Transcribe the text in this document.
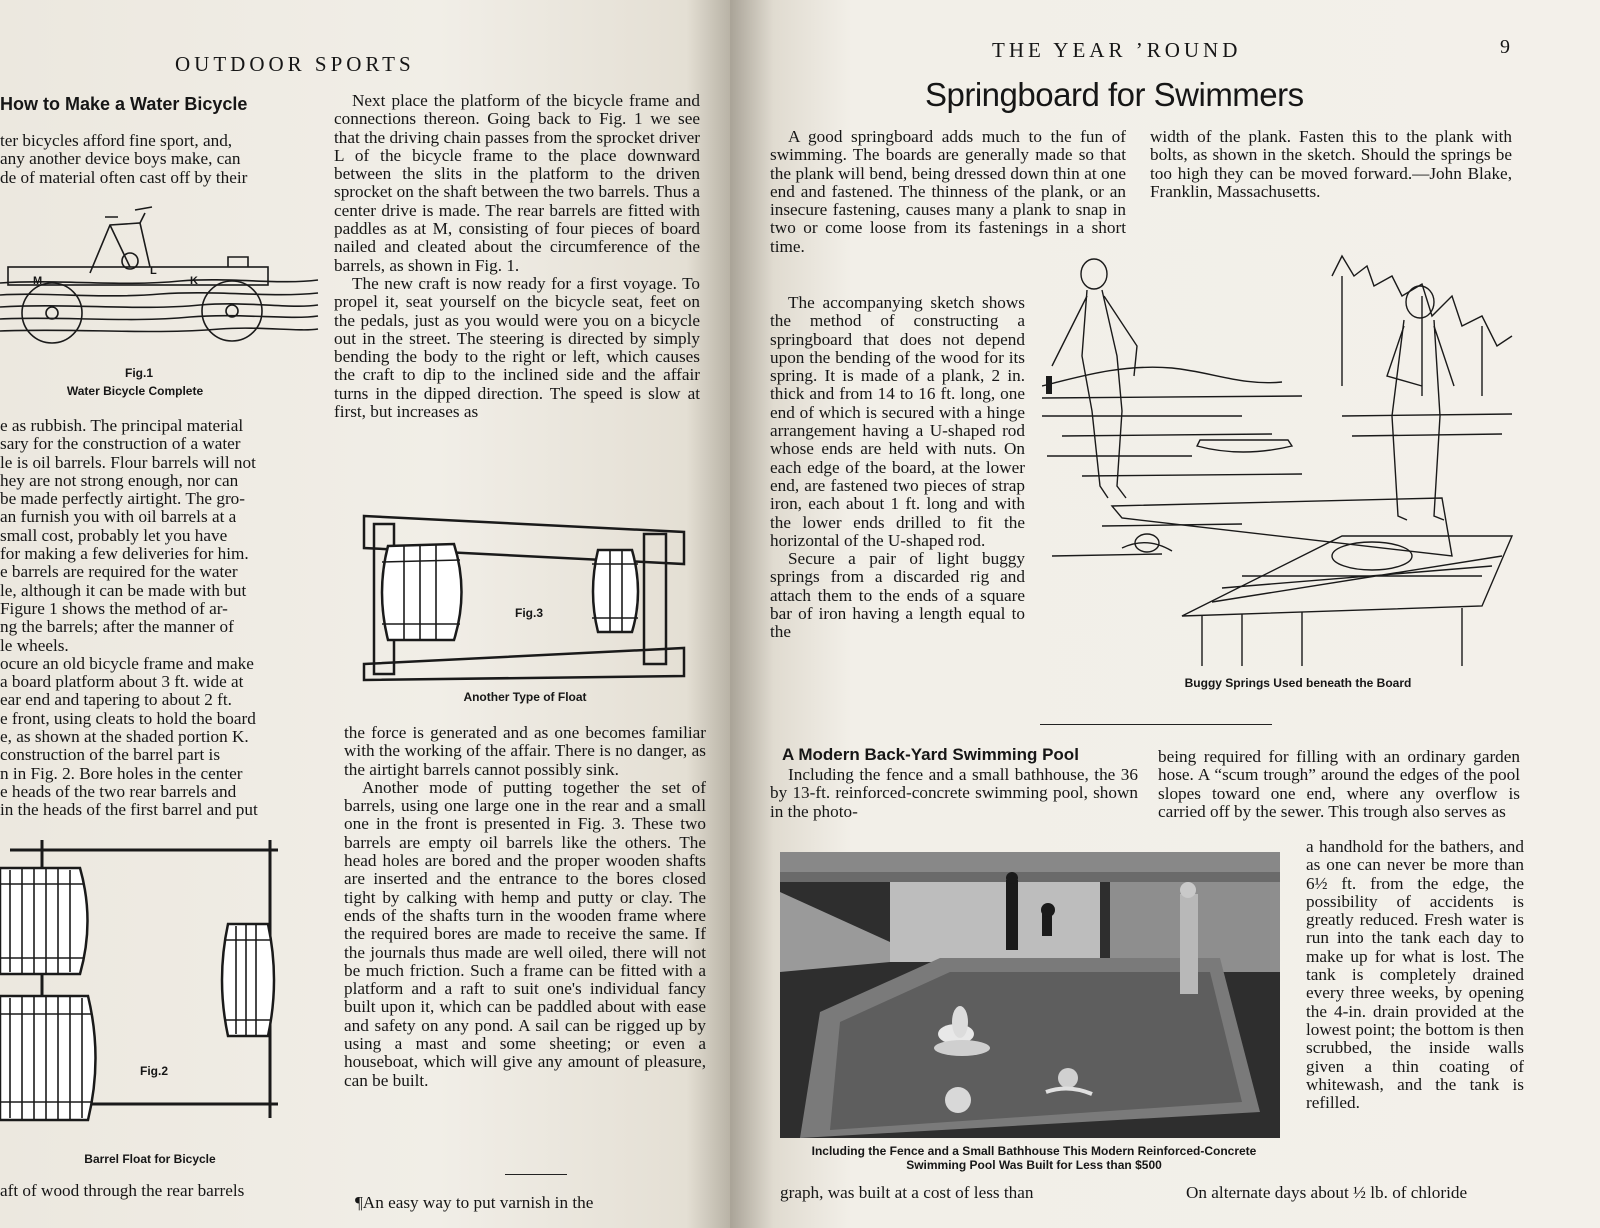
OUTDOOR SPORTS
How to Make a Water Bicycle

ter bicycles afford fine sport, and,

any another device boys make, can

de of material often cast off by their

M
L
K
Fig.1
Water Bicycle Complete

e as rubbish. The principal material

sary for the construction of a water

le is oil barrels. Flour barrels will not

hey are not strong enough, nor can

be made perfectly airtight. The gro-

an furnish you with oil barrels at a

small cost, probably let you have

for making a few deliveries for him.

e barrels are required for the water

le, although it can be made with but

Figure 1 shows the method of ar-

ng the barrels; after the manner of

le wheels.

ocure an old bicycle frame and make

a board platform about 3 ft. wide at

ear end and tapering to about 2 ft.

e front, using cleats to hold the board

e, as shown at the shaded portion K.

construction of the barrel part is

n in Fig. 2. Bore holes in the center

e heads of the two rear barrels and

in the heads of the first barrel and put

Fig.2
Barrel Float for Bicycle

aft of wood through the rear barrels

Next place the platform of the bicycle frame and connections thereon. Going back to Fig. 1 we see that the driving chain passes from the sprocket driver L of the bicycle frame to the place downward between the slits in the platform to the driven sprocket on the shaft between the two barrels. Thus a center drive is made. The rear barrels are fitted with paddles as at M, consisting of four pieces of board nailed and cleated about the circumference of the barrels, as shown in Fig. 1.

The new craft is now ready for a first voyage. To propel it, seat yourself on the bicycle seat, feet on the pedals, just as you would were you on a bicycle out in the street. The steering is directed by simply bending the body to the right or left, which causes the craft to dip to the inclined side and the affair turns in the dipped direction. The speed is slow at first, but increases as

Fig.3
Another Type of Float

the force is generated and as one becomes familiar with the working of the affair. There is no danger, as the airtight barrels cannot possibly sink.

Another mode of putting together the set of barrels, using one large one in the rear and a small one in the front is presented in Fig. 3. These two barrels are empty oil barrels like the others. The head holes are bored and the proper wooden shafts are inserted and the entrance to the bores closed tight by calking with hemp and putty or clay. The ends of the shafts turn in the wooden frame where the required bores are made to receive the same. If the journals thus made are well oiled, there will not be much friction. Such a frame can be fitted with a platform and a raft to suit one's individual fancy built upon it, which can be paddled about with ease and safety on any pond. A sail can be rigged up by using a mast and some sheeting; or even a houseboat, which will give any amount of pleasure, can be built.

¶An easy way to put varnish in the

THE YEAR ’ROUND	9
Springboard for Swimmers

A good springboard adds much to the fun of swimming. The boards are generally made so that the plank will bend, being dressed down thin at one end and fastened. The thinness of the plank, or an insecure fastening, causes many a plank to snap in two or come loose from its fastenings in a short time.

The accompanying sketch shows the method of constructing a springboard that does not depend upon the bending of the wood for its spring. It is made of a plank, 2 in. thick and from 14 to 16 ft. long, one end of which is secured with a hinge arrangement having a U-shaped rod whose ends are held with nuts. On each edge of the board, at the lower end, are fastened two pieces of strap iron, each about 1 ft. long and with the lower ends drilled to fit the horizontal of the U-shaped rod.

Secure a pair of light buggy springs from a discarded rig and attach them to the ends of a square bar of iron having a length equal to the

width of the plank. Fasten this to the plank with bolts, as shown in the sketch. Should the springs be too high they can be moved forward.—John Blake, Franklin, Massachusetts.

Buggy Springs Used beneath the Board
A Modern Back-Yard Swimming Pool

Including the fence and a small bathhouse, the 36 by 13-ft. reinforced-concrete swimming pool, shown in the photo-

Including the Fence and a Small Bathhouse This Modern Reinforced-Concrete Swimming Pool Was Built for Less than $500

graph, was built at a cost of less than

being required for filling with an ordinary garden hose. A “scum trough” around the edges of the pool slopes toward one end, where any overflow is carried off by the sewer. This trough also serves as

a handhold for the bathers, and as one can never be more than 6½ ft. from the edge, the possibility of accidents is greatly reduced. Fresh water is run into the tank each day to make up for what is lost. The tank is completely drained every three weeks, by opening the 4-in. drain provided at the lowest point; the bottom is then scrubbed, the inside walls given a thin coating of whitewash, and the tank is refilled.

On alternate days about ½ lb. of chloride
